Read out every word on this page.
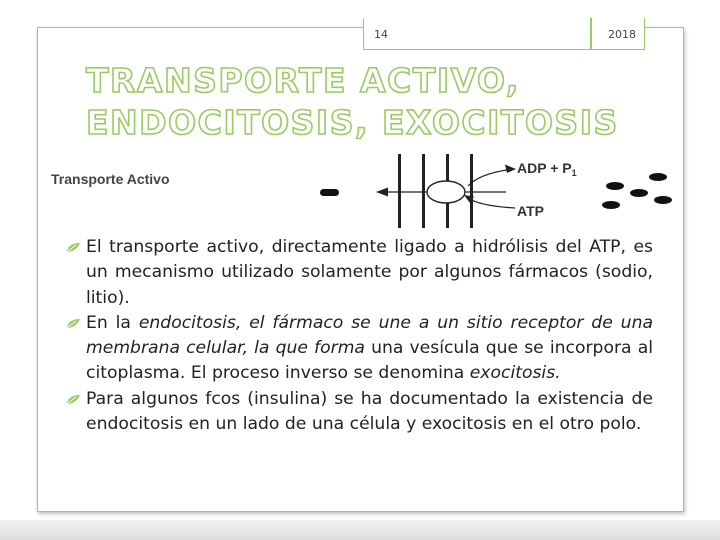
14	2018
TRANSPORTE ACTIVO,
ENDOCITOSIS, EXOCITOSIS
Transporte Activo
ADP + $P_1$
ATP
El transporte activo, directamente ligado a hidrólisis del ATP, es un mecanismo utilizado solamente por algunos fármacos (sodio, litio).
En la endocitosis, el fármaco se une a un sitio receptor de una membrana celular, la que forma una vesícula que se incorpora al citoplasma. El proceso inverso se denomina exocitosis.
Para algunos fcos (insulina) se ha documentado la existencia de endocitosis en un lado de una célula y exocitosis en el otro polo.
